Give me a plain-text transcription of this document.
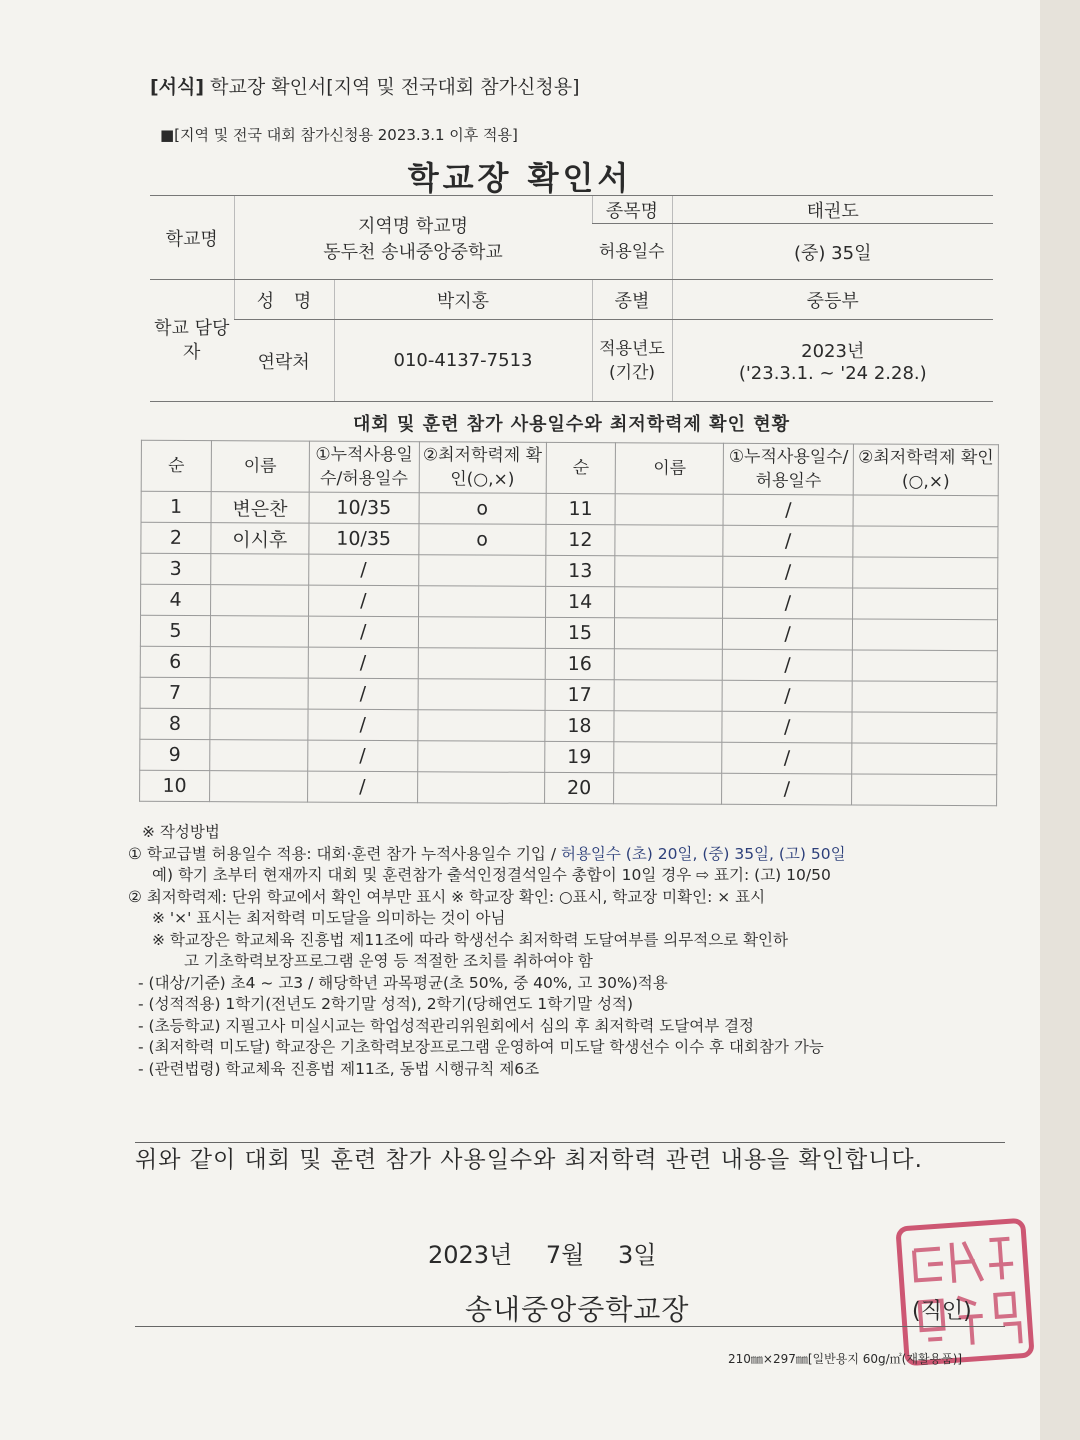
[서식] 학교장 확인서[지역 및 전국대회 참가신청용]
■[지역 및 전국 대회 참가신청용 2023.3.1 이후 적용]
학교장 확인서
학교명	지역명 학교명
동두천 송내중앙중학교		종목명	태권도
			허용일수	(중) 35일
학교 담당자	성 명	박지홍	종별	중등부
	연락처	010-4137-7513	적용년도 (기간)	2023년
('23.3.1. ~ '24 2.28.)
대회 및 훈련 참가 사용일수와 최저학력제 확인 현황
순	이름	①누적사용일수/허용일수	②최저학력제 확인(○,×)	순	이름	①누적사용일수/허용일수	②최저학력제 확인(○,×)
1	변은찬	10/35	o	11		/	
2	이시후	10/35	o	12		/	
3		/		13		/	
4		/		14		/	
5		/		15		/	
6		/		16		/	
7		/		17		/	
8		/		18		/	
9		/		19		/	
10		/		20		/	
※ 작성방법
① 학교급별 허용일수 적용: 대회·훈련 참가 누적사용일수 기입 / 허용일수 (초) 20일, (중) 35일, (고) 50일
예) 학기 초부터 현재까지 대회 및 훈련참가 출석인정결석일수 총합이 10일 경우 ⇨ 표기: (고) 10/50
② 최저학력제: 단위 학교에서 확인 여부만 표시 ※ 학교장 확인: ○표시, 학교장 미확인: × 표시
※ '×' 표시는 최저학력 미도달을 의미하는 것이 아님
※ 학교장은 학교체육 진흥법 제11조에 따라 학생선수 최저학력 도달여부를 의무적으로 확인하
고 기초학력보장프로그램 운영 등 적절한 조치를 취하여야 함
- (대상/기준) 초4 ~ 고3 / 해당학년 과목평균(초 50%, 중 40%, 고 30%)적용
- (성적적용) 1학기(전년도 2학기말 성적), 2학기(당해연도 1학기말 성적)
- (초등학교) 지필고사 미실시교는 학업성적관리위원회에서 심의 후 최저학력 도달여부 결정
- (최저학력 미도달) 학교장은 기초학력보장프로그램 운영하여 미도달 학생선수 이수 후 대회참가 가능
- (관련법령) 학교체육 진흥법 제11조, 동법 시행규칙 제6조
위와 같이 대회 및 훈련 참가 사용일수와 최저학력 관련 내용을 확인합니다.
2023년 7월 3일
송내중앙중학교장	(직인)
210㎜×297㎜[일반용지 60g/㎡(재활용품)]
